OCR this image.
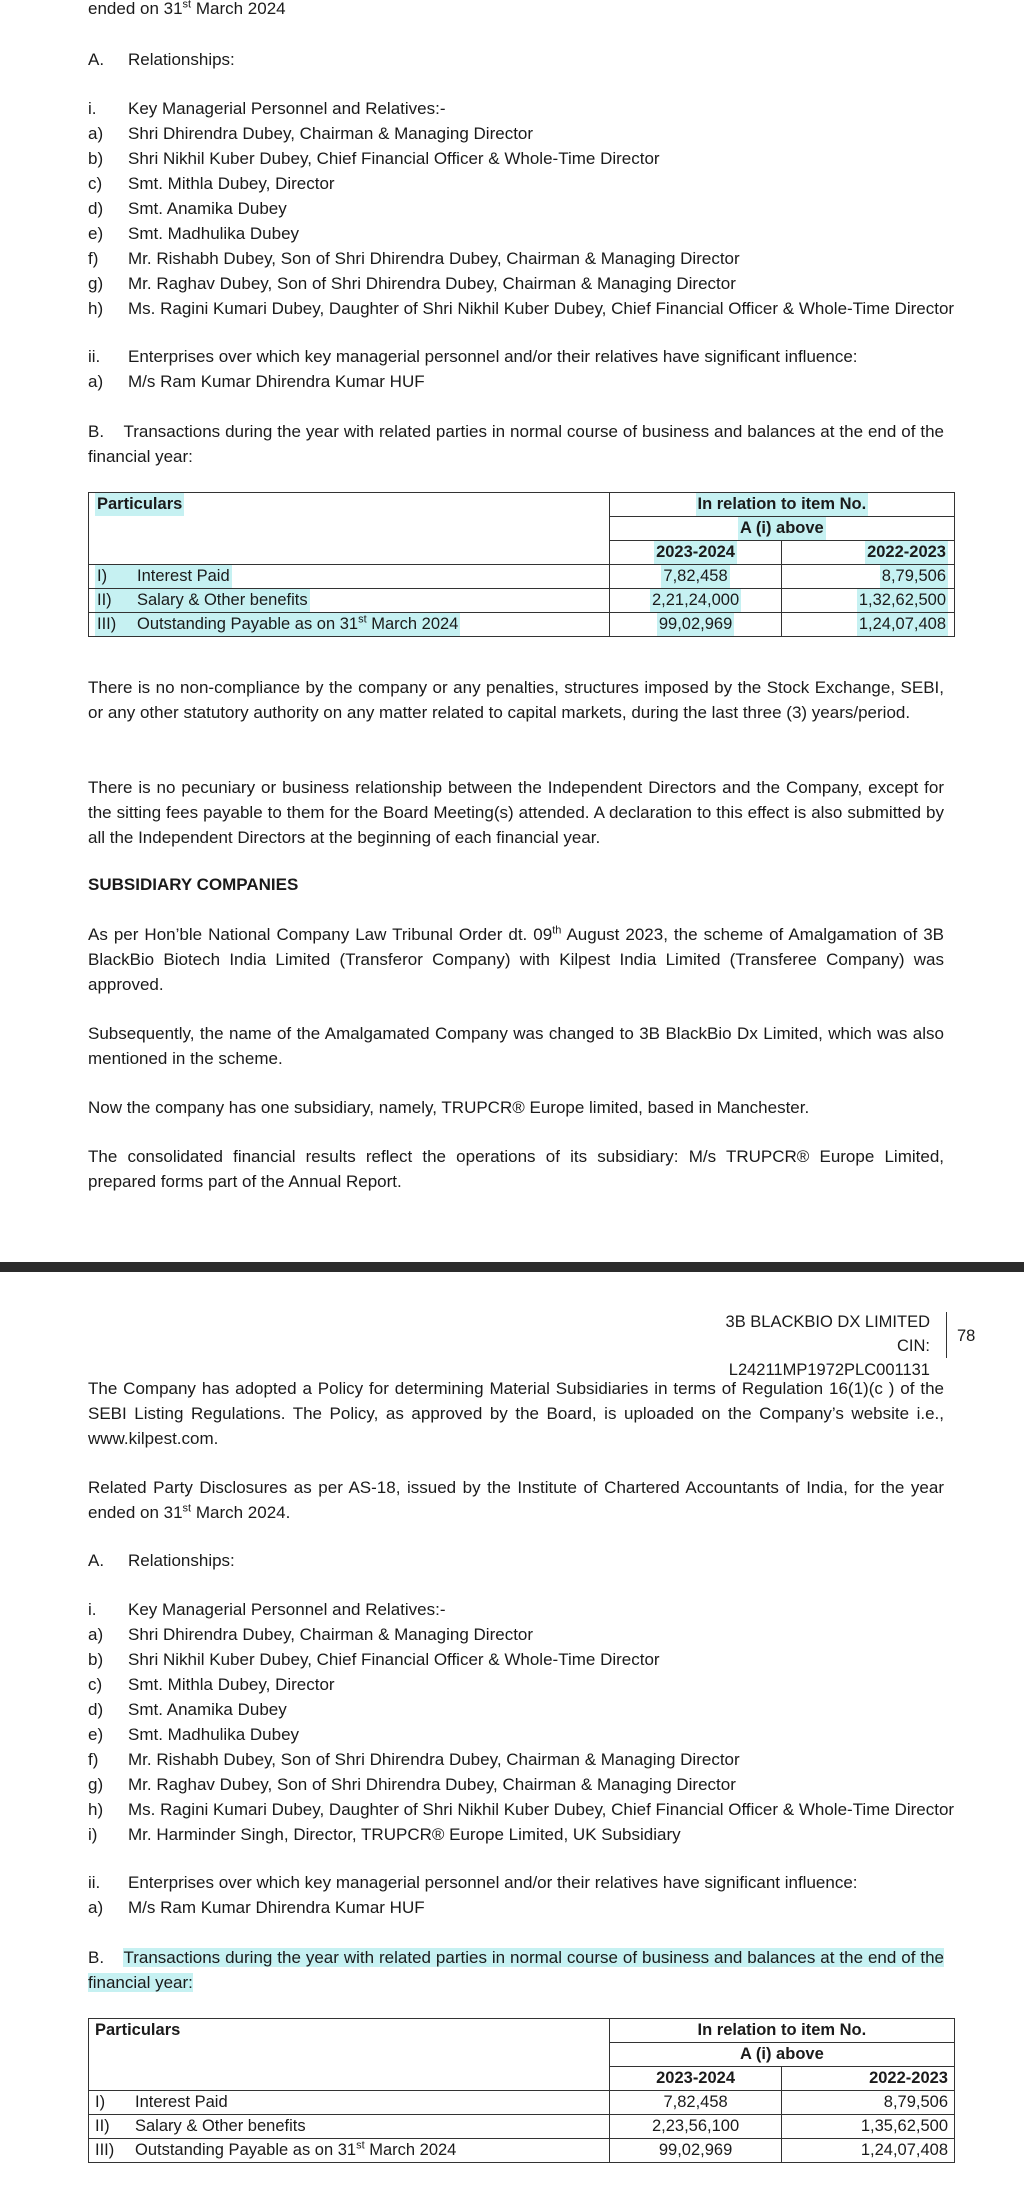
ended on 31st March 2024
A. Relationships:
i. Key Managerial Personnel and Relatives:-
a) Shri Dhirendra Dubey, Chairman & Managing Director
b) Shri Nikhil Kuber Dubey, Chief Financial Officer & Whole-Time Director
c) Smt. Mithla Dubey, Director
d) Smt. Anamika Dubey
e) Smt. Madhulika Dubey
f) Mr. Rishabh Dubey, Son of Shri Dhirendra Dubey, Chairman & Managing Director
g) Mr. Raghav Dubey, Son of Shri Dhirendra Dubey, Chairman & Managing Director
h) Ms. Ragini Kumari Dubey, Daughter of Shri Nikhil Kuber Dubey, Chief Financial Officer & Whole-Time Director
ii. Enterprises over which key managerial personnel and/or their relatives have significant influence:
a) M/s Ram Kumar Dhirendra Kumar HUF
B. Transactions during the year with related parties in normal course of business and balances at the end of the financial year:
Particulars	In relation to item No.	
	A (i) above	
	2023-2024	2022-2023
I) Interest Paid	7,82,458	8,79,506
II) Salary & Other benefits	2,21,24,000	1,32,62,500
III) Outstanding Payable as on 31st March 2024	99,02,969	1,24,07,408
There is no non-compliance by the company or any penalties, structures imposed by the Stock Exchange, SEBI, or any other statutory authority on any matter related to capital markets, during the last three (3) years/period.
There is no pecuniary or business relationship between the Independent Directors and the Company, except for the sitting fees payable to them for the Board Meeting(s) attended. A declaration to this effect is also submitted by all the Independent Directors at the beginning of each financial year.
SUBSIDIARY COMPANIES
As per Hon’ble National Company Law Tribunal Order dt. 09th August 2023, the scheme of Amalgamation of 3B BlackBio Biotech India Limited (Transferor Company) with Kilpest India Limited (Transferee Company) was approved.
Subsequently, the name of the Amalgamated Company was changed to 3B BlackBio Dx Limited, which was also mentioned in the scheme.
Now the company has one subsidiary, namely, TRUPCR® Europe limited, based in Manchester.
The consolidated financial results reflect the operations of its subsidiary: M/s TRUPCR® Europe Limited, prepared forms part of the Annual Report.
3B BLACKBIO DX LIMITED
CIN: L24211MP1972PLC001131
78
The Company has adopted a Policy for determining Material Subsidiaries in terms of Regulation 16(1)(c ) of the SEBI Listing Regulations. The Policy, as approved by the Board, is uploaded on the Company’s website i.e., www.kilpest.com.
Related Party Disclosures as per AS-18, issued by the Institute of Chartered Accountants of India, for the year ended on 31st March 2024.
A. Relationships:
i. Key Managerial Personnel and Relatives:-
a) Shri Dhirendra Dubey, Chairman & Managing Director
b) Shri Nikhil Kuber Dubey, Chief Financial Officer & Whole-Time Director
c) Smt. Mithla Dubey, Director
d) Smt. Anamika Dubey
e) Smt. Madhulika Dubey
f) Mr. Rishabh Dubey, Son of Shri Dhirendra Dubey, Chairman & Managing Director
g) Mr. Raghav Dubey, Son of Shri Dhirendra Dubey, Chairman & Managing Director
h) Ms. Ragini Kumari Dubey, Daughter of Shri Nikhil Kuber Dubey, Chief Financial Officer & Whole-Time Director
i) Mr. Harminder Singh, Director, TRUPCR® Europe Limited, UK Subsidiary
ii. Enterprises over which key managerial personnel and/or their relatives have significant influence:
a) M/s Ram Kumar Dhirendra Kumar HUF
B. Transactions during the year with related parties in normal course of business and balances at the end of the financial year:
Particulars	In relation to item No.	
	A (i) above	
	2023-2024	2022-2023
I) Interest Paid	7,82,458	8,79,506
II) Salary & Other benefits	2,23,56,100	1,35,62,500
III) Outstanding Payable as on 31st March 2024	99,02,969	1,24,07,408
